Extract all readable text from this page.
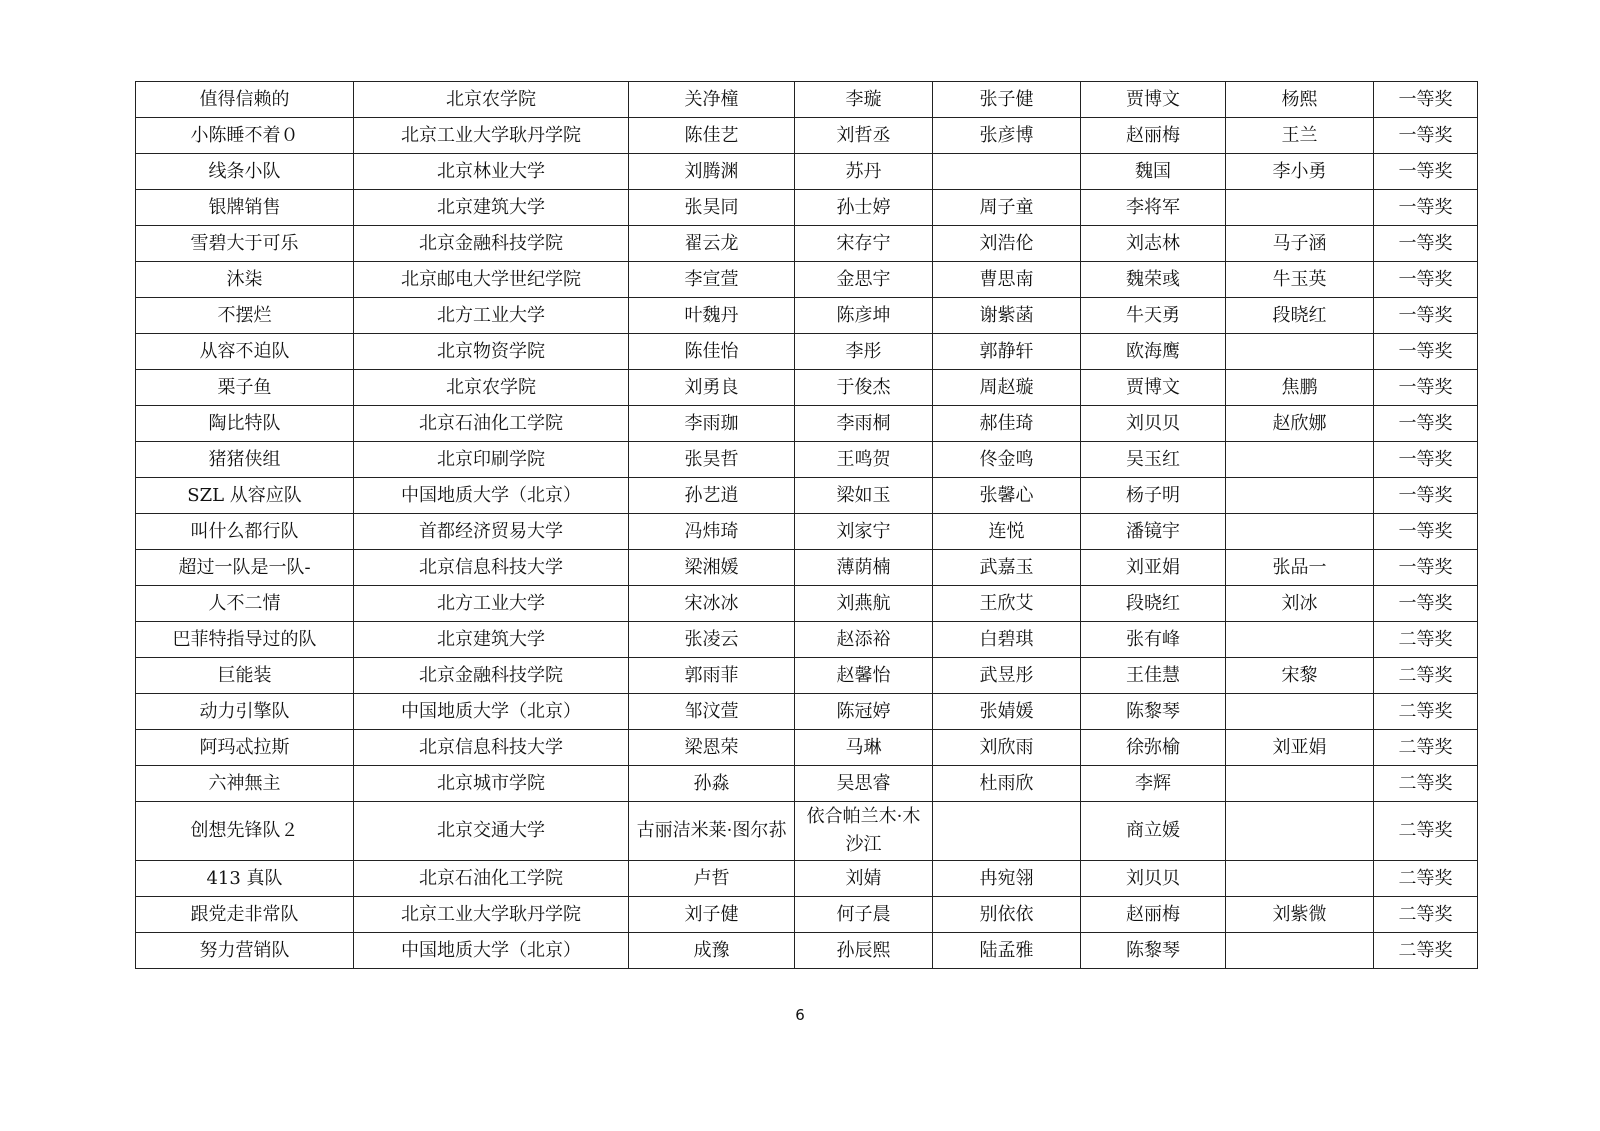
值得信赖的	北京农学院	关净橦	李璇	张子健	贾博文	杨熙	一等奖
小陈睡不着０	北京工业大学耿丹学院	陈佳艺	刘哲丞	张彦博	赵丽梅	王兰	一等奖
线条小队	北京林业大学	刘腾渊	苏丹		魏国	李小勇	一等奖
银牌销售	北京建筑大学	张昊同	孙士婷	周子童	李将军		一等奖
雪碧大于可乐	北京金融科技学院	翟云龙	宋存宁	刘浩伦	刘志林	马子涵	一等奖
沐柒	北京邮电大学世纪学院	李宣萱	金思宇	曹思南	魏荣彧	牛玉英	一等奖
不摆烂	北方工业大学	叶魏丹	陈彦坤	谢紫菡	牛天勇	段晓红	一等奖
从容不迫队	北京物资学院	陈佳怡	李彤	郭静轩	欧海鹰		一等奖
栗子鱼	北京农学院	刘勇良	于俊杰	周赵璇	贾博文	焦鹏	一等奖
陶比特队	北京石油化工学院	李雨珈	李雨桐	郝佳琦	刘贝贝	赵欣娜	一等奖
猪猪侠组	北京印刷学院	张昊哲	王鸣贺	佟金鸣	吴玉红		一等奖
SZL 从容应队	中国地质大学（北京）	孙艺逍	梁如玉	张馨心	杨子明		一等奖
叫什么都行队	首都经济贸易大学	冯炜琦	刘家宁	连悦	潘镜宇		一等奖
超过一队是一队-	北京信息科技大学	梁湘媛	薄荫楠	武嘉玉	刘亚娟	张品一	一等奖
人不二情	北方工业大学	宋冰冰	刘燕航	王欣艾	段晓红	刘冰	一等奖
巴菲特指导过的队	北京建筑大学	张凌云	赵添裕	白碧琪	张有峰		二等奖
巨能装	北京金融科技学院	郭雨菲	赵馨怡	武昱彤	王佳慧	宋黎	二等奖
动力引擎队	中国地质大学（北京）	邹汶萱	陈冠婷	张婧媛	陈黎琴		二等奖
阿玛忒拉斯	北京信息科技大学	梁恩荣	马琳	刘欣雨	徐弥榆	刘亚娟	二等奖
六神無主	北京城市学院	孙淼	吴思睿	杜雨欣	李辉		二等奖
创想先锋队２	北京交通大学	古丽洁米莱·图尔荪	依合帕兰木·木沙江		商立媛		二等奖
413 真队	北京石油化工学院	卢哲	刘婧	冉宛翎	刘贝贝		二等奖
跟党走非常队	北京工业大学耿丹学院	刘子健	何子晨	别依依	赵丽梅	刘紫微	二等奖
努力营销队	中国地质大学（北京）	成豫	孙辰熙	陆孟雅	陈黎琴		二等奖
6
